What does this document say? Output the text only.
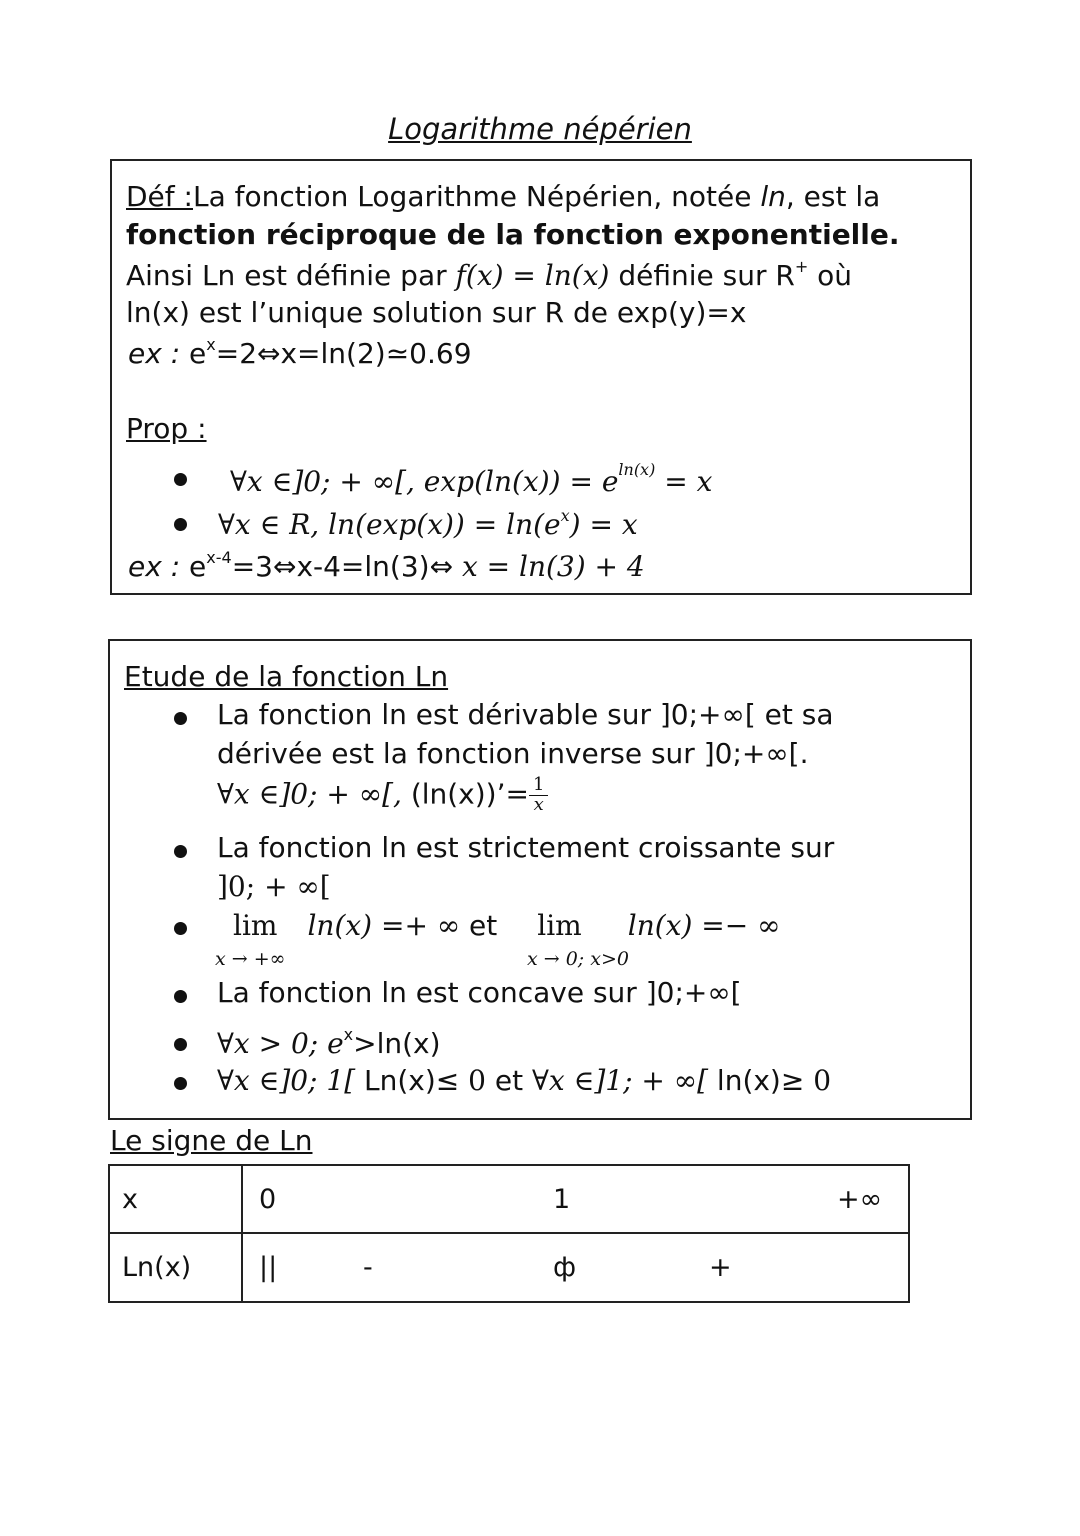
Logarithme népérien
Déf :La fonction Logarithme Népérien, notée ln, est la
fonction réciproque de la fonction exponentielle.
Ainsi Ln est définie par f(x) = ln(x) définie sur R+ où
ln(x) est l’unique solution sur R de exp(y)=x
ex : $e^x=2\Leftrightarrow x=\ln(2)≃0.69$
Prop :
∀x ∈]0; + ∞[, $\exp(\ln(x)) = e^{ln(x)} = x$
∀x ∈ R, $\ln(\exp(x)) = \ln(e^x) = x$
ex : $e^{x-4}=3\Leftrightarrow x-4=\ln(3)\Leftrightarrow$ x = ln(3) + 4
Etude de la fonction Ln
La fonction ln est dérivable sur ]0;+∞[ et sa
dérivée est la fonction inverse sur ]0;+∞[.
∀x ∈]0; + ∞[, (ln(x))’= $\frac{1}{x}$
La fonction ln est strictement croissante sur
]0; + ∞[
lim ln(x) =+ ∞ et lim ln(x) =− ∞
x → +∞	x → 0; x>0
La fonction ln est concave sur ]0;+∞[
∀x > 0; $e^x>\ln(x)$
∀x ∈]0; 1[ Ln(x)≤ 0 et ∀x ∈]1; + ∞[ ln(x)≥ 0
Le signe de Ln
x	0 1 +∞

Ln(x)	|| - ф +
